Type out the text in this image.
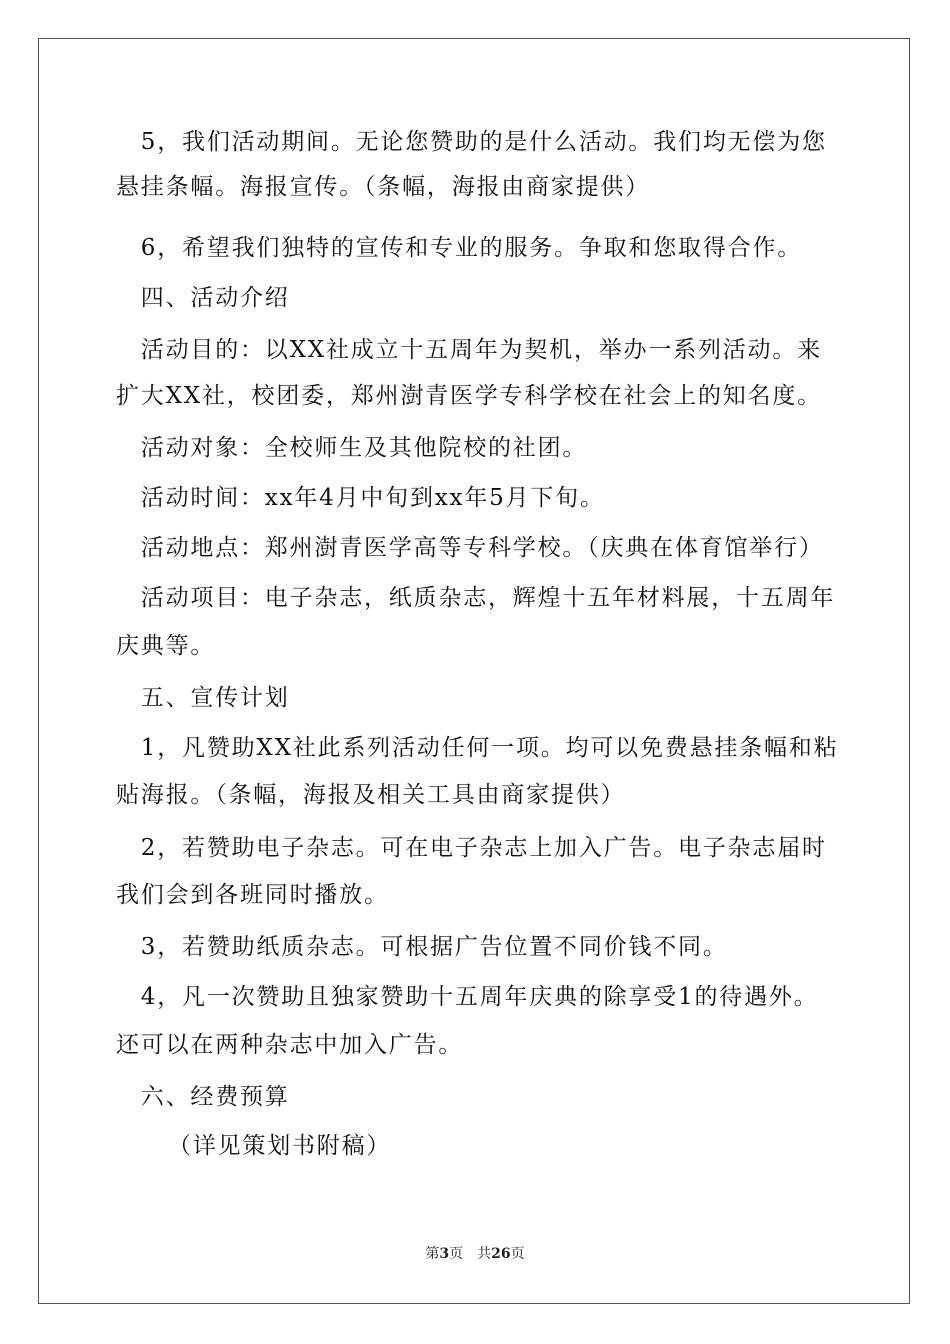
　5，我们活动期间。无论您赞助的是什么活动。我们均无偿为您
悬挂条幅。海报宣传。（条幅，海报由商家提供）
　6，希望我们独特的宣传和专业的服务。争取和您取得合作。
　四、活动介绍
　活动目的：以XX社成立十五周年为契机，举办一系列活动。来
扩大XX社，校团委，郑州澍青医学专科学校在社会上的知名度。
　活动对象：全校师生及其他院校的社团。
　活动时间：xx年4月中旬到xx年5月下旬。
　活动地点：郑州澍青医学高等专科学校。（庆典在体育馆举行）
　活动项目：电子杂志，纸质杂志，辉煌十五年材料展，十五周年
庆典等。
　五、宣传计划
　1，凡赞助XX社此系列活动任何一项。均可以免费悬挂条幅和粘
贴海报。（条幅，海报及相关工具由商家提供）
　2，若赞助电子杂志。可在电子杂志上加入广告。电子杂志届时
我们会到各班同时播放。
　3，若赞助纸质杂志。可根据广告位置不同价钱不同。
　4，凡一次赞助且独家赞助十五周年庆典的除享受1的待遇外。
还可以在两种杂志中加入广告。
　六、经费预算
（详见策划书附稿）
第3页　共26页
